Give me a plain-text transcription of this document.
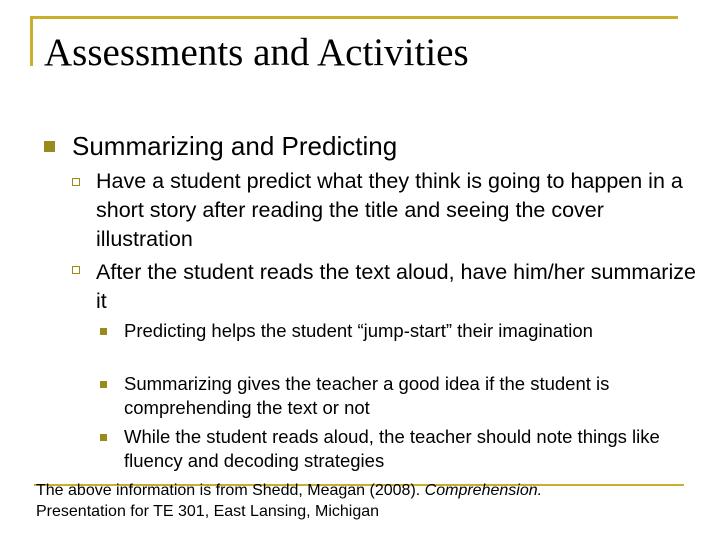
Assessments and Activities
Summarizing and Predicting
Have a student predict what they think is going to happen in a short story after reading the title and seeing the cover illustration
After the student reads the text aloud, have him/her summarize it
Predicting helps the student “jump-start” their imagination
Summarizing gives the teacher a good idea if the student is comprehending the text or not
While the student reads aloud, the teacher should note things like fluency and decoding strategies
The above information is from Shedd, Meagan (2008). Comprehension.
Presentation for TE 301, East Lansing, Michigan
